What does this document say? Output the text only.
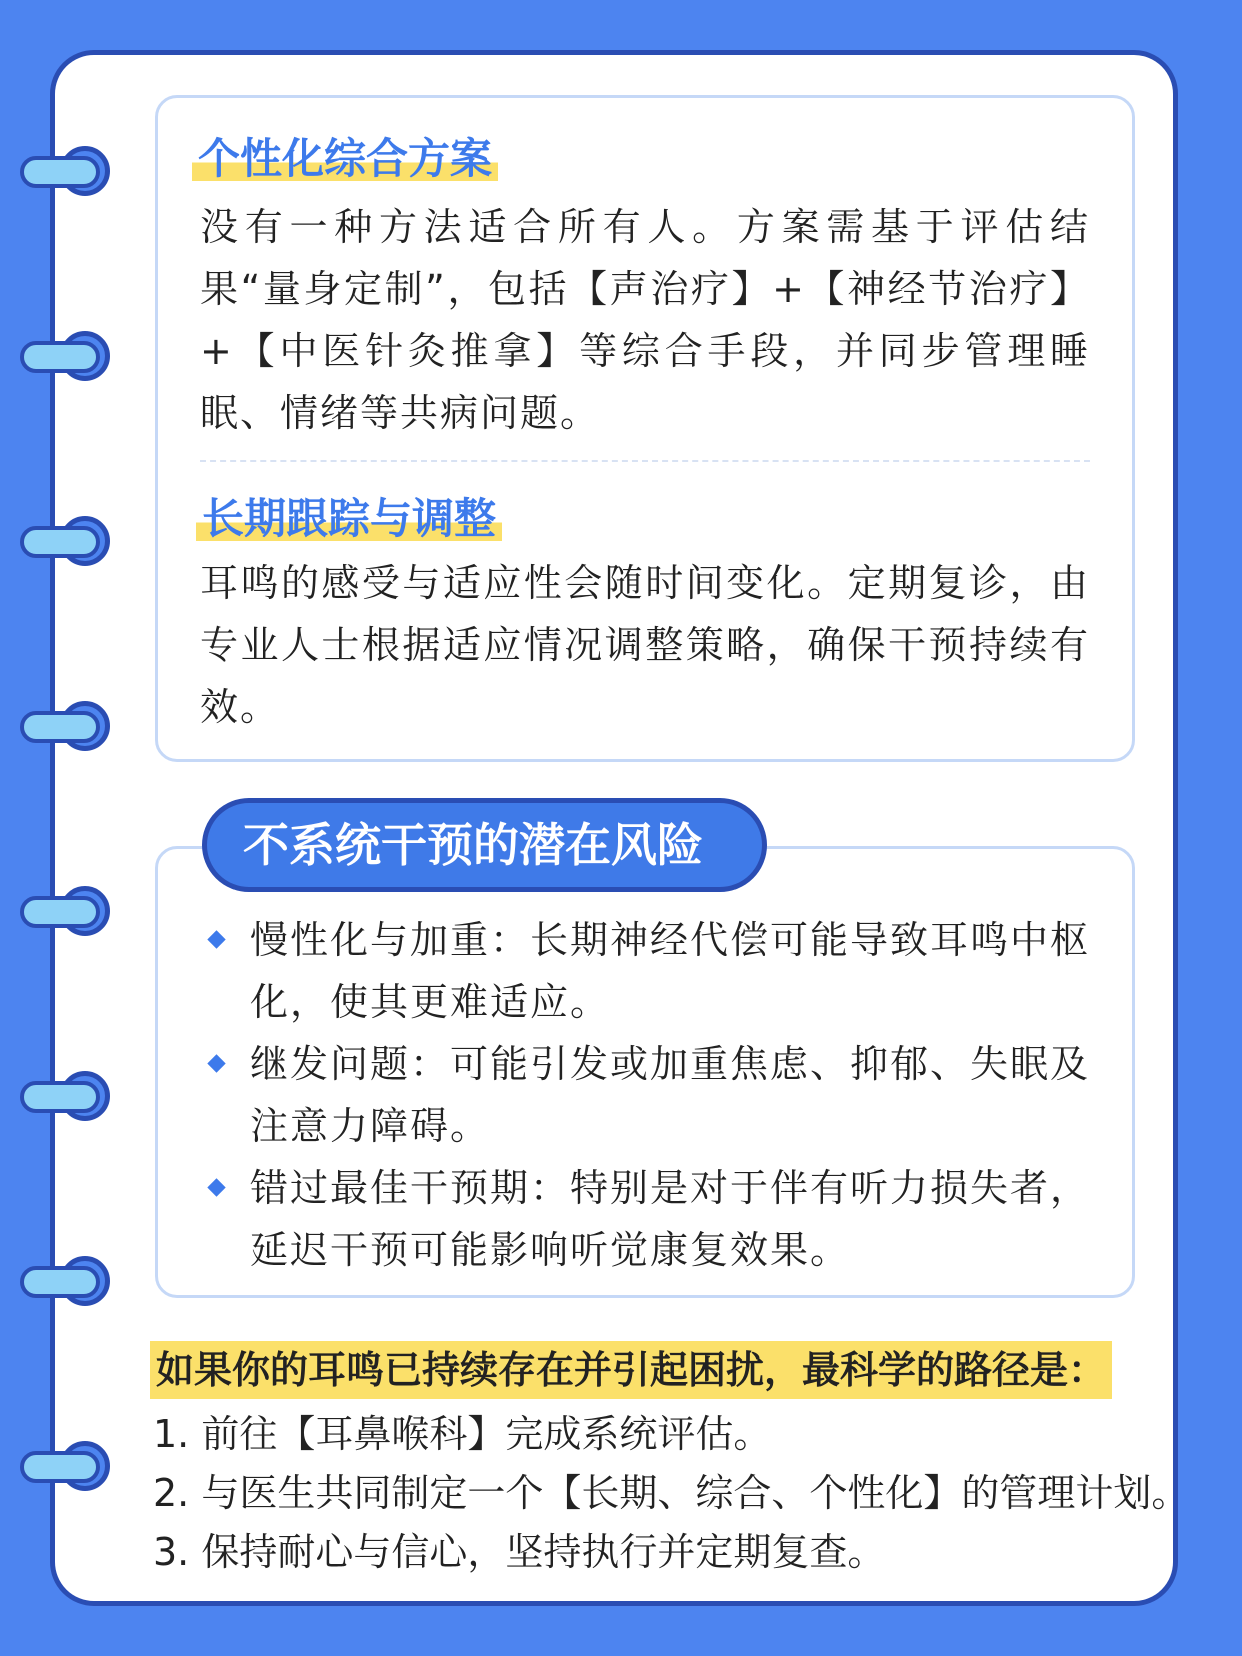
个性化综合方案

没有一种方法适合所有人。方案需基于评估结果“量身定制”，包括【声治疗】+【神经节治疗】+【中医针灸推拿】等综合手段，并同步管理睡眠、情绪等共病问题。

长期跟踪与调整

耳鸣的感受与适应性会随时间变化。定期复诊，由专业人士根据适应情况调整策略，确保干预持续有效。

慢性化与加重：长期神经代偿可能导致耳鸣中枢化，使其更难适应。
继发问题：可能引发或加重焦虑、抑郁、失眠及注意力障碍。
错过最佳干预期：特别是对于伴有听力损失者，延迟干预可能影响听觉康复效果。
不系统干预的潜在风险

如果你的耳鸣已持续存在并引起困扰，最科学的路径是：

1. 前往【耳鼻喉科】完成系统评估。
2. 与医生共同制定一个【长期、综合、个性化】的管理计划。
3. 保持耐心与信心，坚持执行并定期复查。
